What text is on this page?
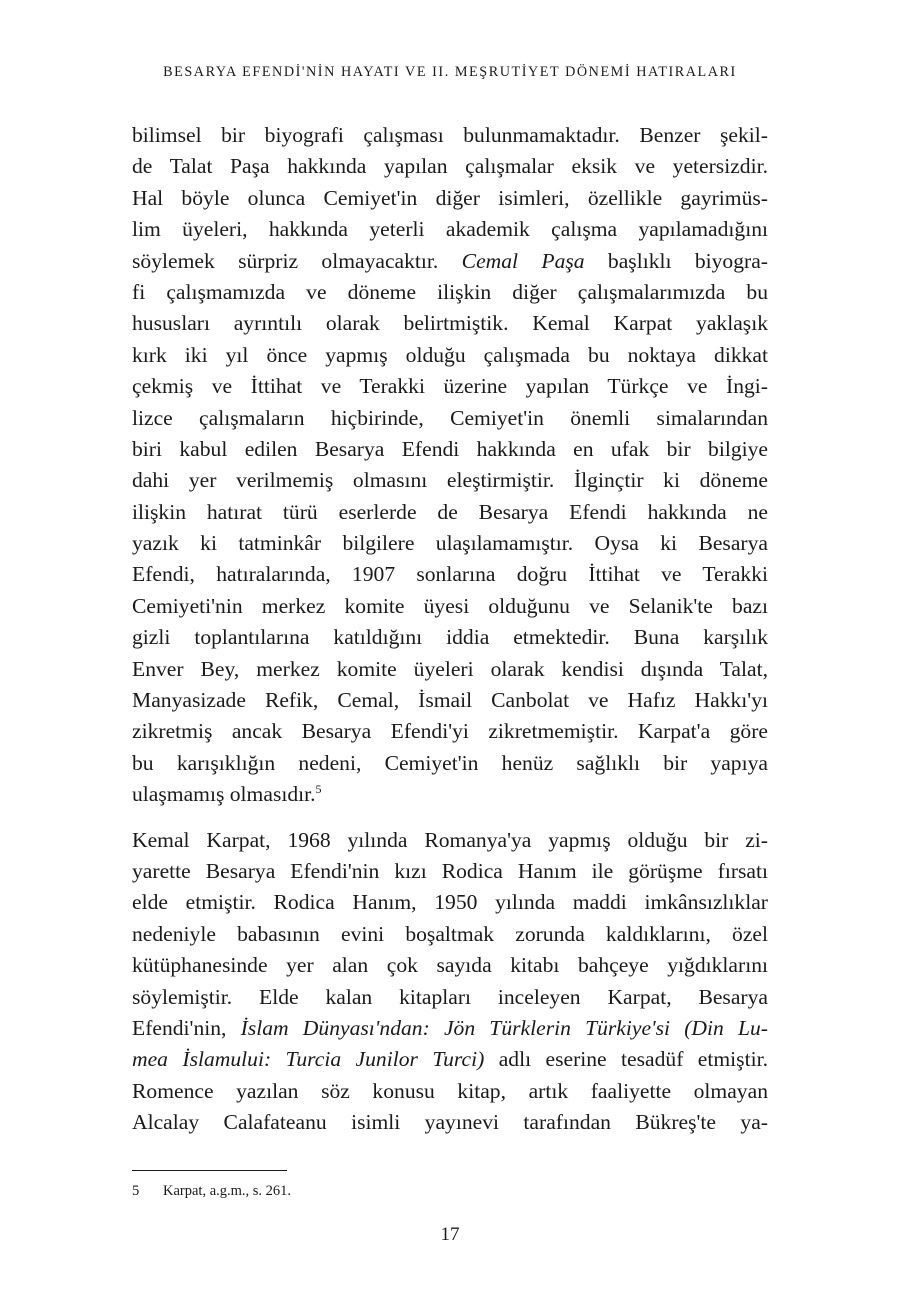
BESARYA EFENDİ'NİN HAYATI VE II. MEŞRUTİYET DÖNEMİ HATIRALARI

bilimsel bir biyografi çalışması bulunmamaktadır. Benzer şekil-
de Talat Paşa hakkında yapılan çalışmalar eksik ve yetersizdir.
Hal böyle olunca Cemiyet'in diğer isimleri, özellikle gayrimüs-
lim üyeleri, hakkında yeterli akademik çalışma yapılamadığını
söylemek sürpriz olmayacaktır. Cemal Paşa başlıklı biyogra-
fi çalışmamızda ve döneme ilişkin diğer çalışmalarımızda bu
hususları ayrıntılı olarak belirtmiştik. Kemal Karpat yaklaşık
kırk iki yıl önce yapmış olduğu çalışmada bu noktaya dikkat
çekmiş ve İttihat ve Terakki üzerine yapılan Türkçe ve İngi-
lizce çalışmaların hiçbirinde, Cemiyet'in önemli simalarından
biri kabul edilen Besarya Efendi hakkında en ufak bir bilgiye
dahi yer verilmemiş olmasını eleştirmiştir. İlginçtir ki döneme
ilişkin hatırat türü eserlerde de Besarya Efendi hakkında ne
yazık ki tatminkâr bilgilere ulaşılamamıştır. Oysa ki Besarya
Efendi, hatıralarında, 1907 sonlarına doğru İttihat ve Terakki
Cemiyeti'nin merkez komite üyesi olduğunu ve Selanik'te bazı
gizli toplantılarına katıldığını iddia etmektedir. Buna karşılık
Enver Bey, merkez komite üyeleri olarak kendisi dışında Talat,
Manyasizade Refik, Cemal, İsmail Canbolat ve Hafız Hakkı'yı
zikretmiş ancak Besarya Efendi'yi zikretmemiştir. Karpat'a göre
bu karışıklığın nedeni, Cemiyet'in henüz sağlıklı bir yapıya
ulaşmamış olmasıdır.$^5$

Kemal Karpat, 1968 yılında Romanya'ya yapmış olduğu bir zi-
yarette Besarya Efendi'nin kızı Rodica Hanım ile görüşme fırsatı
elde etmiştir. Rodica Hanım, 1950 yılında maddi imkânsızlıklar
nedeniyle babasının evini boşaltmak zorunda kaldıklarını, özel
kütüphanesinde yer alan çok sayıda kitabı bahçeye yığdıklarını
söylemiştir. Elde kalan kitapları inceleyen Karpat, Besarya
Efendi'nin, İslam Dünyası'ndan: Jön Türklerin Türkiye'si (Din Lu-
mea İslamului: Turcia Junilor Turci) adlı eserine tesadüf etmiştir.
Romence yazılan söz konusu kitap, artık faaliyette olmayan
Alcalay Calafateanu isimli yayınevi tarafından Bükreş'te ya-

5 Karpat, a.g.m., s. 261.
17
